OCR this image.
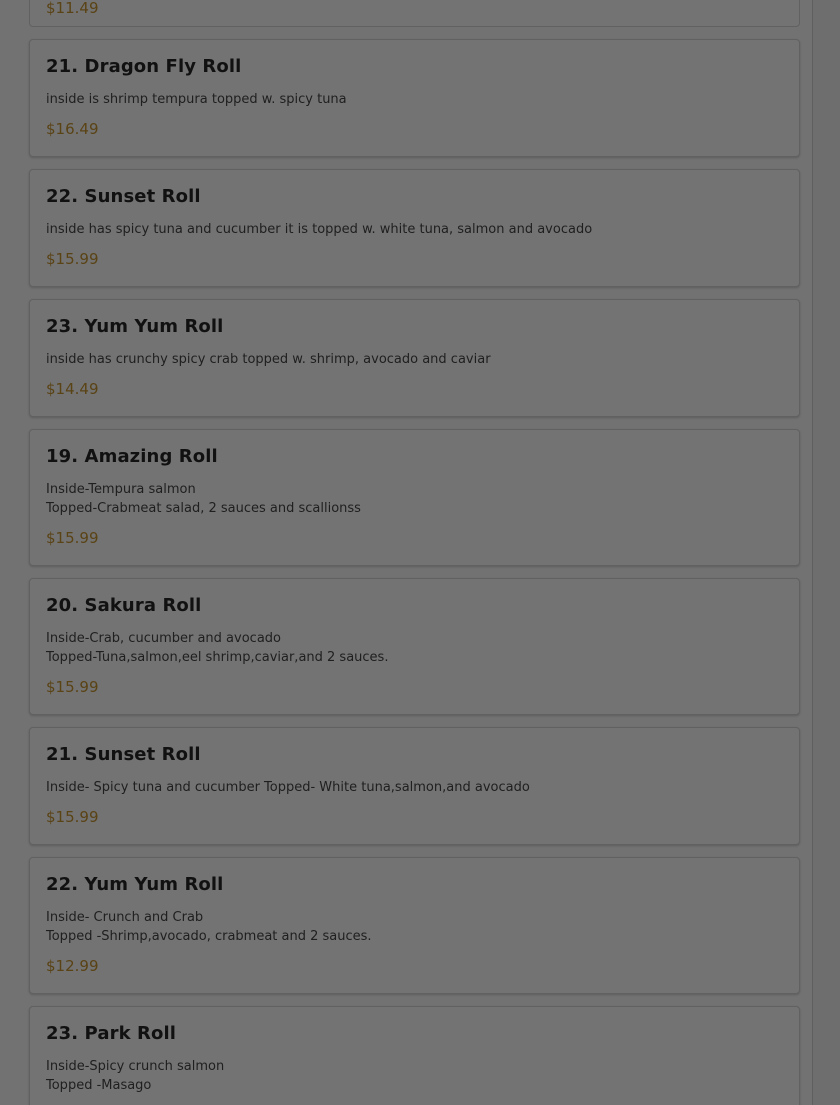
$11.49
21. Dragon Fly Roll

inside is shrimp tempura topped w. spicy tuna

$16.49
22. Sunset Roll

inside has spicy tuna and cucumber it is topped w. white tuna, salmon and avocado

$15.99
23. Yum Yum Roll

inside has crunchy spicy crab topped w. shrimp, avocado and caviar

$14.49
19. Amazing Roll

Inside-Tempura salmon
Topped-Crabmeat salad, 2 sauces and scallionss

$15.99
20. Sakura Roll

Inside-Crab, cucumber and avocado
Topped-Tuna,salmon,eel shrimp,caviar,and 2 sauces.

$15.99
21. Sunset Roll

Inside- Spicy tuna and cucumber Topped- White tuna,salmon,and avocado

$15.99
22. Yum Yum Roll

Inside- Crunch and Crab
Topped -Shrimp,avocado, crabmeat and 2 sauces.

$12.99
23. Park Roll

Inside-Spicy crunch salmon
Topped -Masago
